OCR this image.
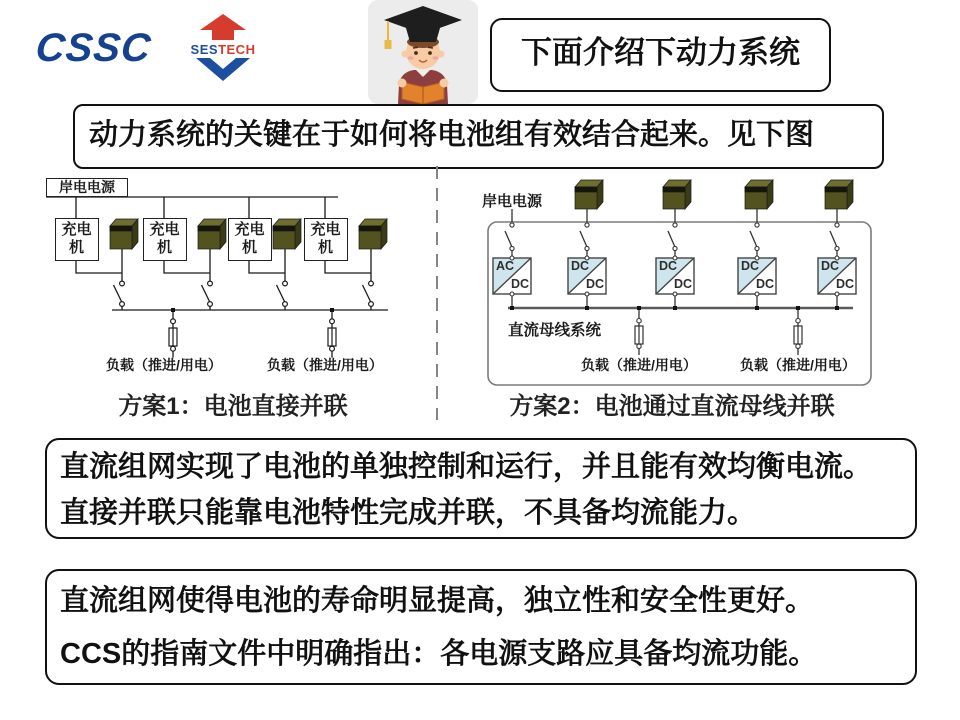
CSSC	SESTECH	下面介绍下动力系统
动力系统的关键在于如何将电池组有效结合起来。见下图
岸电电源
充电机
充电机
充电机
充电机
负载（推进/用电）	负载（推进/用电）
方案1：电池直接并联
岸电电源
AC
DC
DC
DC
DC
DC
DC
DC
DC
DC
直流母线系统
负载（推进/用电）	负载（推进/用电）
方案2：电池通过直流母线并联
直流组网实现了电池的单独控制和运行，并且能有效均衡电流。
直接并联只能靠电池特性完成并联，不具备均流能力。
直流组网使得电池的寿命明显提高，独立性和安全性更好。
CCS的指南文件中明确指出：各电源支路应具备均流功能。
